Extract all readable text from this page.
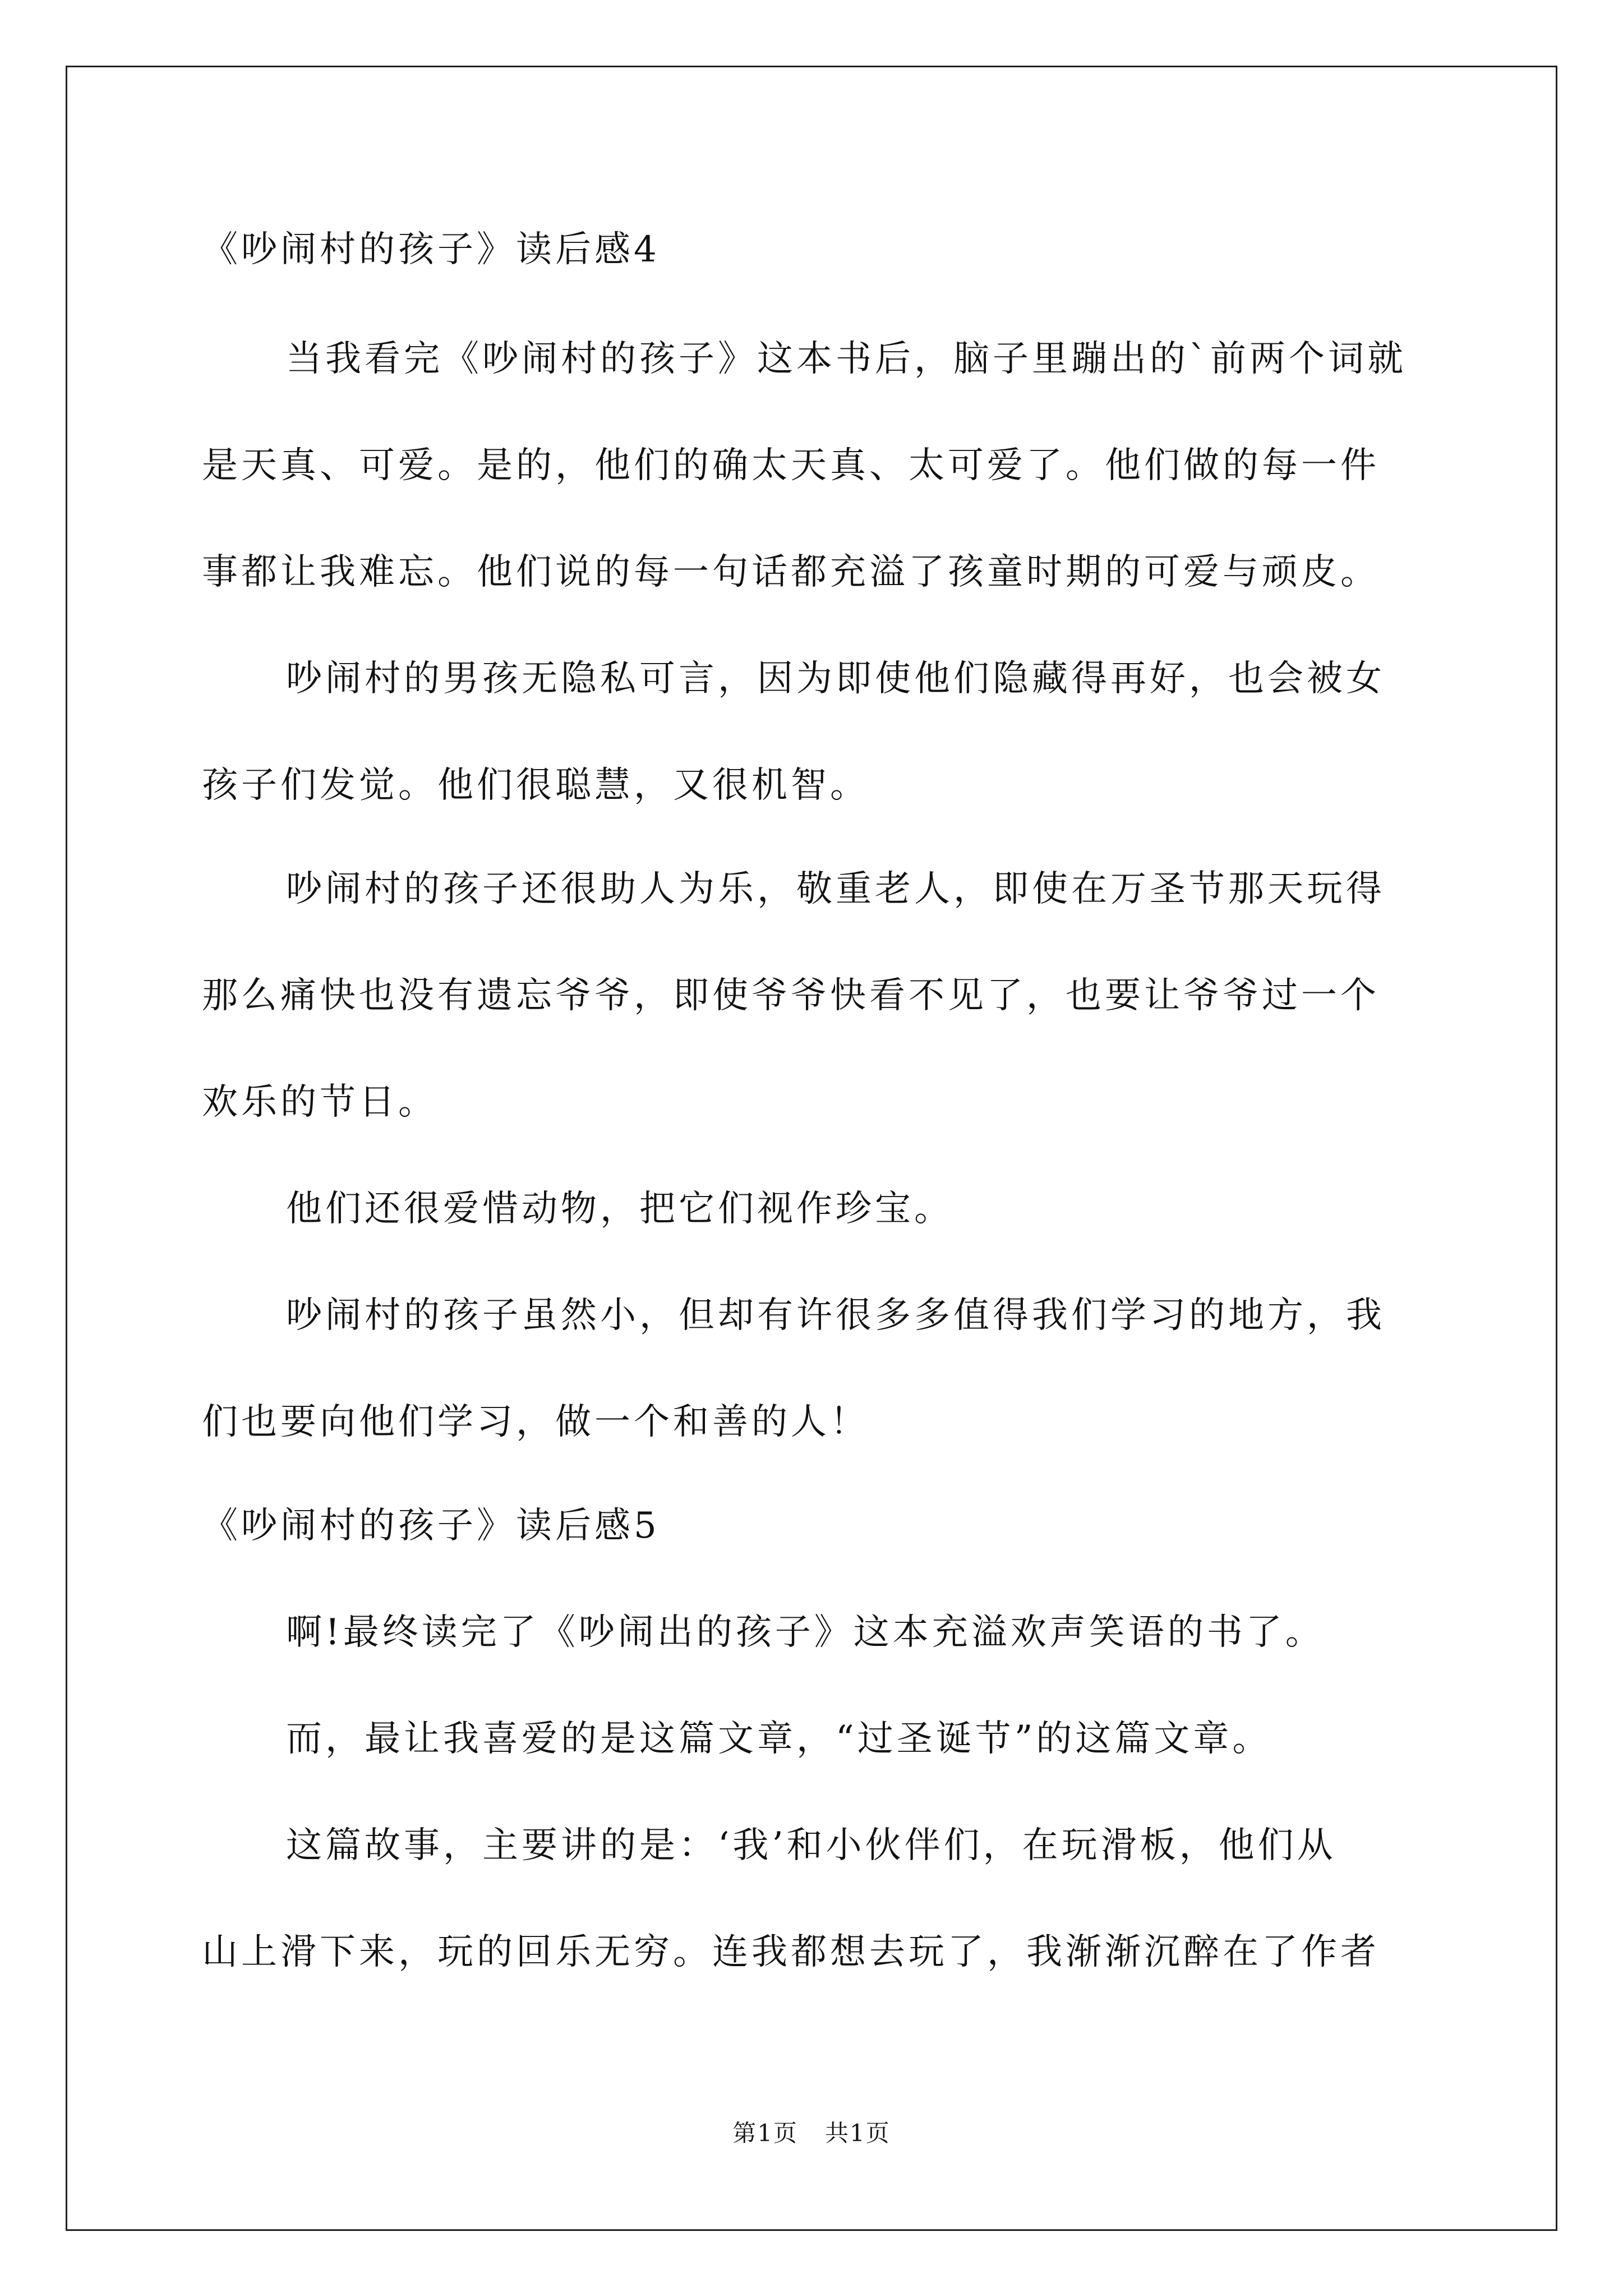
《吵闹村的孩子》读后感4
当我看完《吵闹村的孩子》这本书后，脑子里蹦出的`前两个词就
是天真、可爱。是的，他们的确太天真、太可爱了。他们做的每一件
事都让我难忘。他们说的每一句话都充溢了孩童时期的可爱与顽皮。
吵闹村的男孩无隐私可言，因为即使他们隐藏得再好，也会被女
孩子们发觉。他们很聪慧，又很机智。
吵闹村的孩子还很助人为乐，敬重老人，即使在万圣节那天玩得
那么痛快也没有遗忘爷爷，即使爷爷快看不见了，也要让爷爷过一个
欢乐的节日。
他们还很爱惜动物，把它们视作珍宝。
吵闹村的孩子虽然小，但却有许很多多值得我们学习的地方，我
们也要向他们学习，做一个和善的人！
《吵闹村的孩子》读后感5
啊!最终读完了《吵闹出的孩子》这本充溢欢声笑语的书了。
而，最让我喜爱的是这篇文章，“过圣诞节”的这篇文章。
这篇故事，主要讲的是：‘我’和小伙伴们，在玩滑板，他们从
山上滑下来，玩的回乐无穷。连我都想去玩了，我渐渐沉醉在了作者
第1页 共1页
